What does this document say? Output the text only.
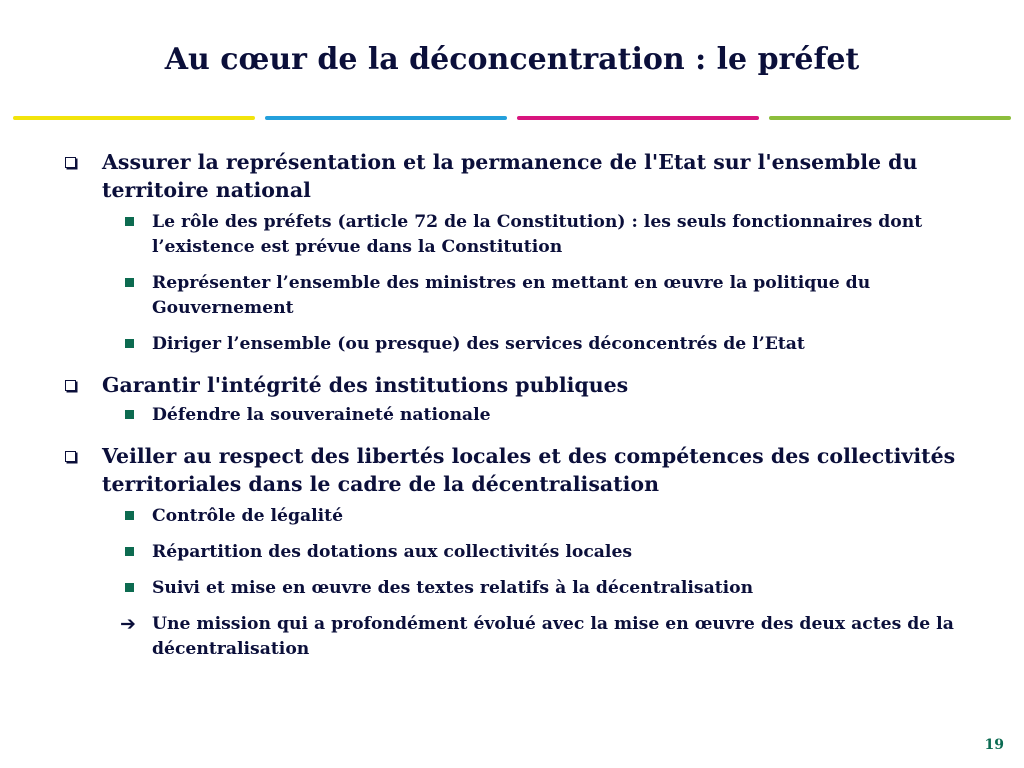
Au cœur de la déconcentration : le préfet
Assurer la représentation et la permanence de l'Etat sur l'ensemble du territoire national
Le rôle des préfets (article 72 de la Constitution) : les seuls fonctionnaires dont l’existence est prévue dans la Constitution
Représenter l’ensemble des ministres en mettant en œuvre la politique du Gouvernement
Diriger l’ensemble (ou presque) des services déconcentrés de l’Etat
Garantir l'intégrité des institutions publiques
Défendre la souveraineté nationale
Veiller au respect des libertés locales et des compétences des collectivités territoriales dans le cadre de la décentralisation
Contrôle de légalité
Répartition des dotations aux collectivités locales
Suivi et mise en œuvre des textes relatifs à la décentralisation
➔ Une mission qui a profondément évolué avec la mise en œuvre des deux actes de la décentralisation
19
